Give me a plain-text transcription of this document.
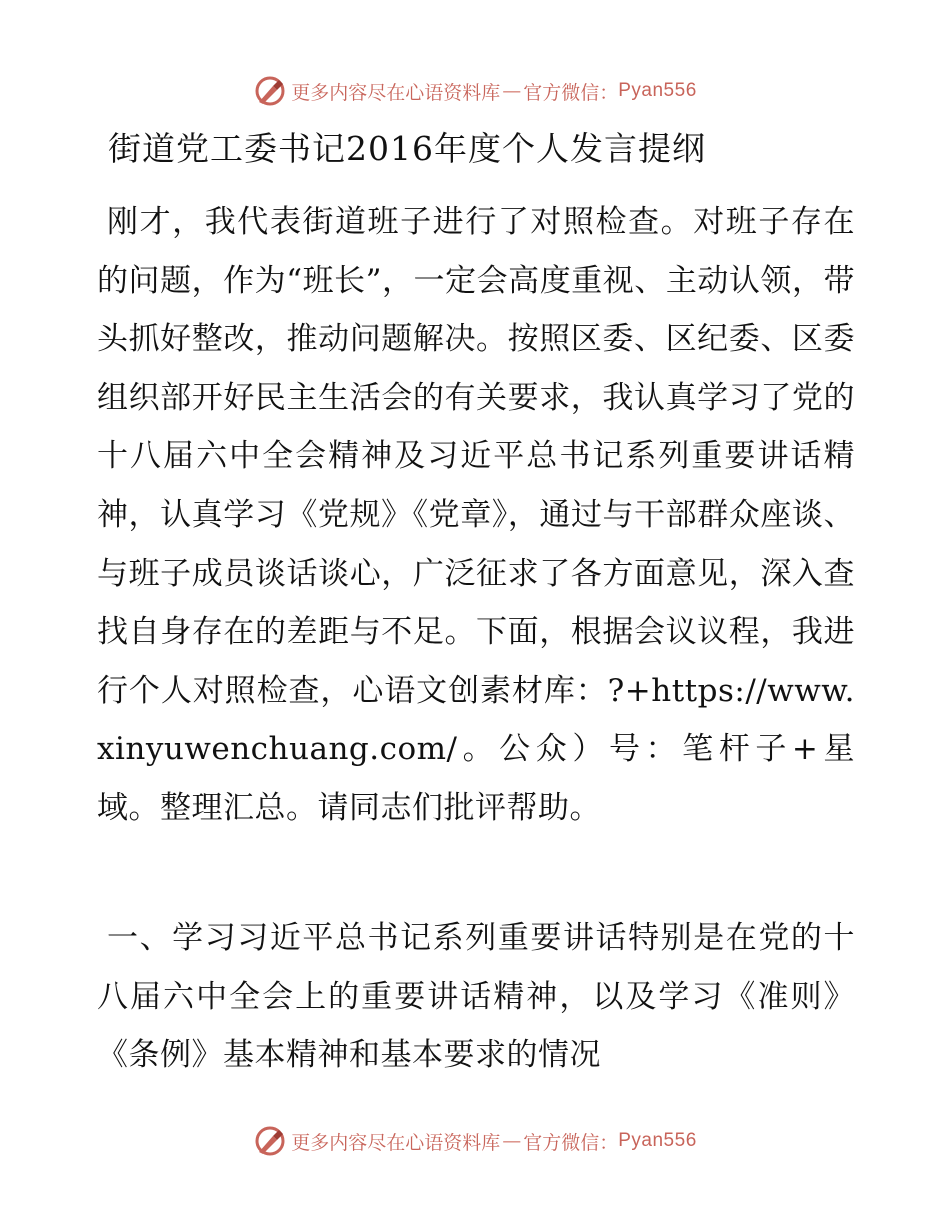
更多内容尽在心语资料库 — 官方微信： Pyan556
街道党工委书记2016年度个人发言提纲
刚才，我代表街道班子进行了对照检查。对班子存在的问题，作为“班长”，一定会高度重视、主动认领，带头抓好整改，推动问题解决。按照区委、区纪委、区委组织部开好民主生活会的有关要求，我认真学习了党的十八届六中全会精神及习近平总书记系列重要讲话精神，认真学习《党规》《党章》，通过与干部群众座谈、与班子成员谈话谈心，广泛征求了各方面意见，深入查找自身存在的差距与不足。下面，根据会议议程，我进行个人对照检查，心语文创素材库：?+https://www.xinyuwenchuang.com/。公众）号：笔杆子+星域。整理汇总。请同志们批评帮助。
一、学习习近平总书记系列重要讲话特别是在党的十八届六中全会上的重要讲话精神，以及学习《准则》《条例》基本精神和基本要求的情况
更多内容尽在心语资料库 — 官方微信： Pyan556
